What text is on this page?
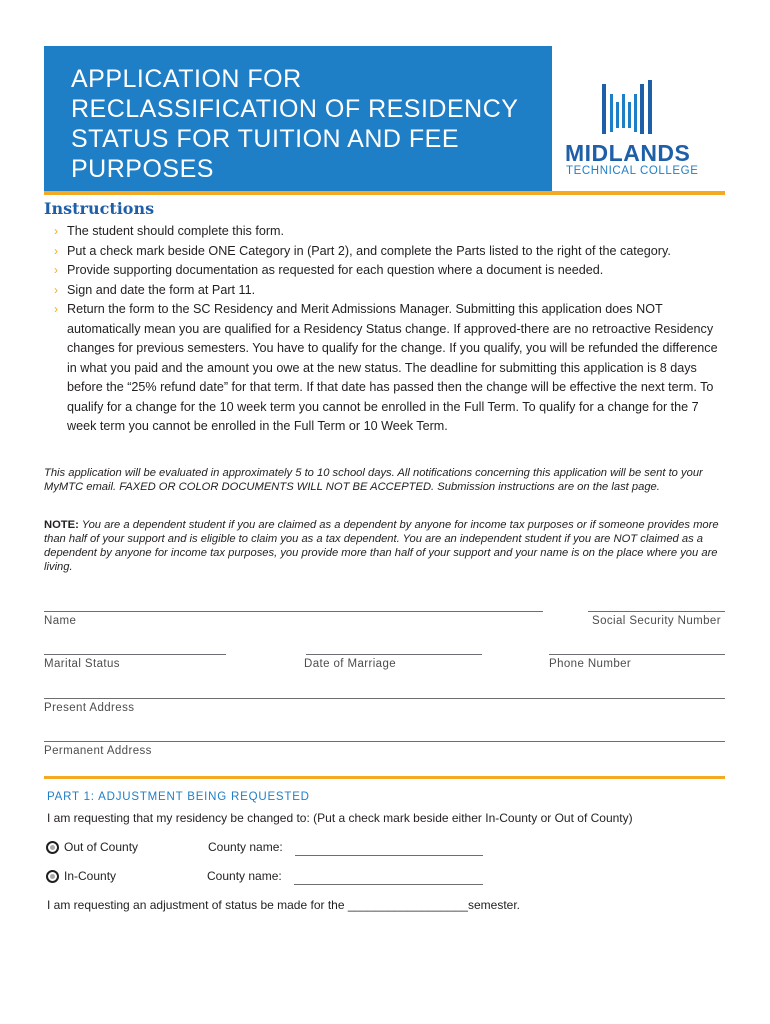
APPLICATION FOR RECLASSIFICATION OF RESIDENCY STATUS FOR TUITION AND FEE PURPOSES
MIDLANDS
TECHNICAL COLLEGE
Instructions
› The student should complete this form.
› Put a check mark beside ONE Category in (Part 2), and complete the Parts listed to the right of the category.
› Provide supporting documentation as requested for each question where a document is needed.
› Sign and date the form at Part 11.
› Return the form to the SC Residency and Merit Admissions Manager. Submitting this application does NOT automatically mean you are qualified for a Residency Status change. If approved-there are no retroactive Residency changes for previous semesters. You have to qualify for the change. If you qualify, you will be refunded the difference in what you paid and the amount you owe at the new status. The deadline for submitting this application is 8 days before the “25% refund date” for that term. If that date has passed then the change will be effective the next term. To qualify for a change for the 10 week term you cannot be enrolled in the Full Term. To qualify for a change for the 7 week term you cannot be enrolled in the Full Term or 10 Week Term.
This application will be evaluated in approximately 5 to 10 school days. All notifications concerning this application will be sent to your MyMTC email. FAXED OR COLOR DOCUMENTS WILL NOT BE ACCEPTED. Submission instructions are on the last page.
NOTE: You are a dependent student if you are claimed as a dependent by anyone for income tax purposes or if someone provides more than half of your support and is eligible to claim you as a tax dependent. You are an independent student if you are NOT claimed as a dependent by anyone for income tax purposes, you provide more than half of your support and your name is on the place where you are living.
Name	Social Security Number
Marital Status	Date of Marriage	Phone Number
Present Address
Permanent Address
PART 1: ADJUSTMENT BEING REQUESTED
I am requesting that my residency be changed to: (Put a check mark beside either In-County or Out of County)
Out of County	County name:
In-County	County name:
I am requesting an adjustment of status be made for the __________________semester.
